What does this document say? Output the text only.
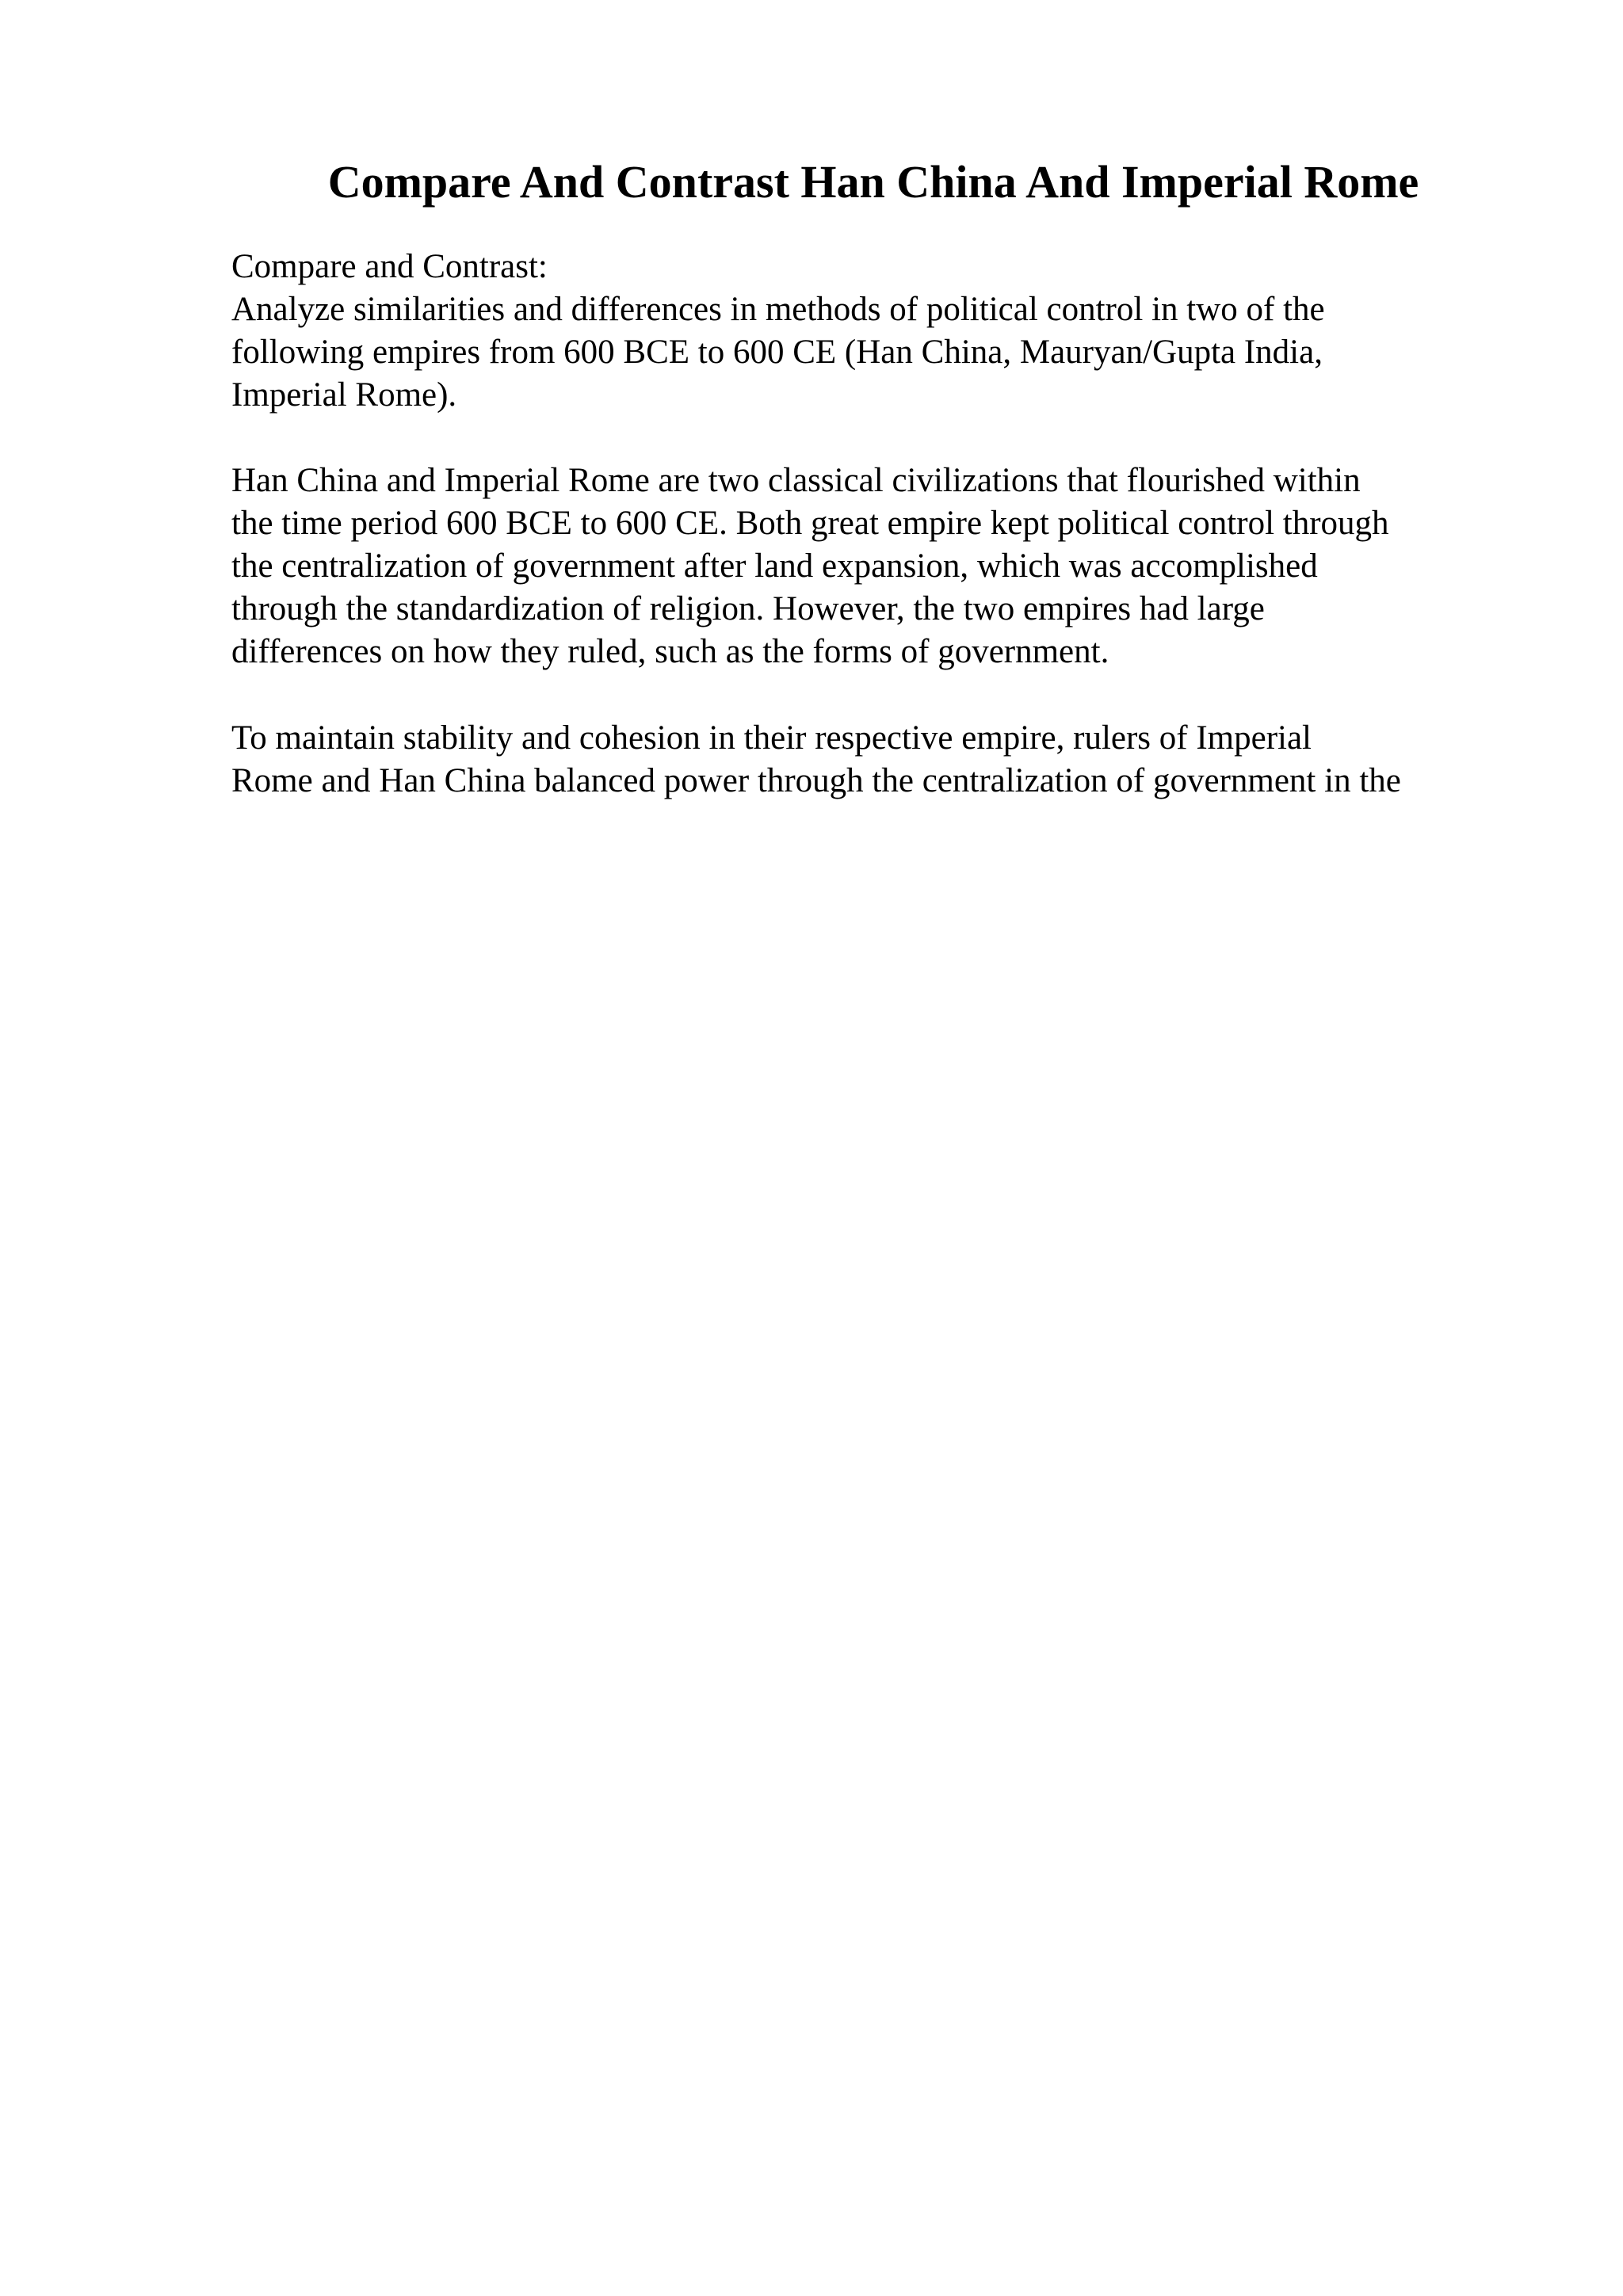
Compare And Contrast Han China And Imperial Rome
Compare and Contrast:
Analyze similarities and differences in methods of political control in two of the
following empires from 600 BCE to 600 CE (Han China, Mauryan/Gupta India,
Imperial Rome).
Han China and Imperial Rome are two classical civilizations that flourished within
the time period 600 BCE to 600 CE. Both great empire kept political control through
the centralization of government after land expansion, which was accomplished
through the standardization of religion. However, the two empires had large
differences on how they ruled, such as the forms of government.
To maintain stability and cohesion in their respective empire, rulers of Imperial
Rome and Han China balanced power through the centralization of government in the
